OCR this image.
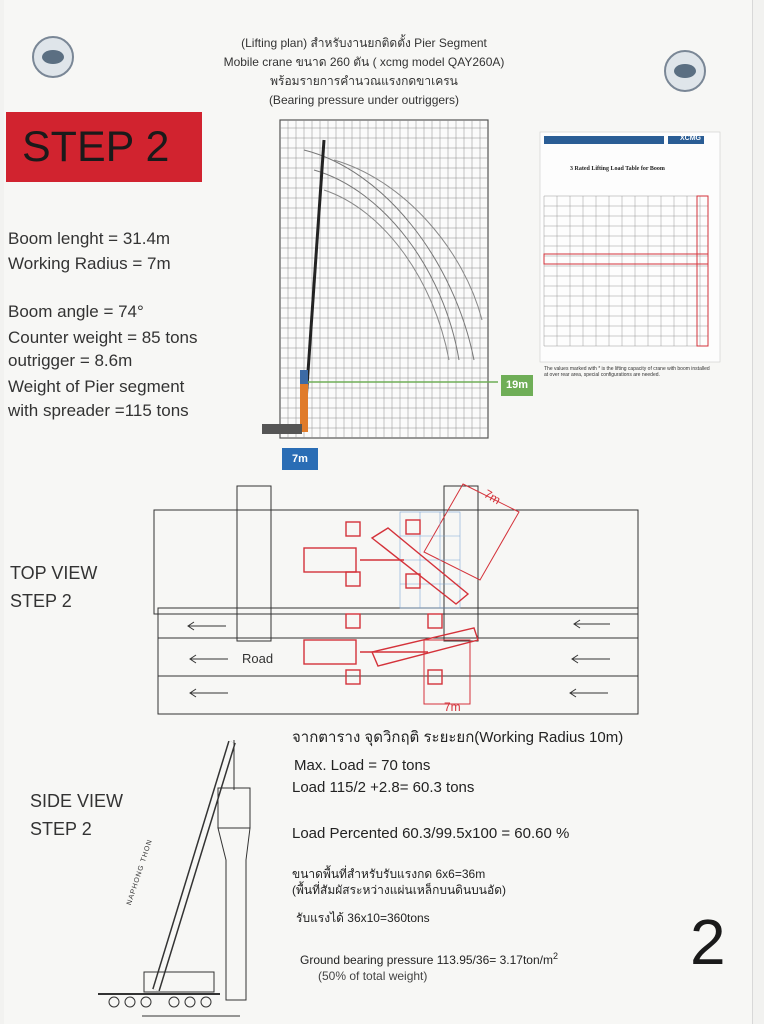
(Lifting plan) สำหรับงานยกติดตั้ง Pier Segment
Mobile crane ขนาด 260 ตัน ( xcmg model QAY260A)
พร้อมรายการคำนวณแรงกดขาเครน
(Bearing pressure under outriggers)
STEP 2
Boom lenght = 31.4m
Working Radius = 7m
Boom angle = 74°
Counter weight = 85 tons
outrigger = 8.6m
Weight of Pier segment
with spreader =115 tons
XCMG
3 Rated Lifting Load Table for Boom
The values marked with * is the lifting capacity of crane with boom installed at over rear area, special configurations are needed.
7m
19m
TOP VIEW
STEP 2
Road
7m
7m
SIDE VIEW
STEP 2
NAPHONG THON
จากตาราง จุดวิกฤติ ระยะยก(Working Radius 10m)
Max. Load = 70 tons
Load 115/2 +2.8= 60.3 tons
Load Percented 60.3/99.5x100 = 60.60 %
ขนาดพื้นที่สำหรับรับแรงกด 6x6=36m
(พื้นที่สัมผัสระหว่างแผ่นเหล็กบนดินบนอัด)
รับแรงได้ 36x10=360tons
Ground bearing pressure $113.95/36= 3.17ton/m^2$
(50% of total weight)	2
